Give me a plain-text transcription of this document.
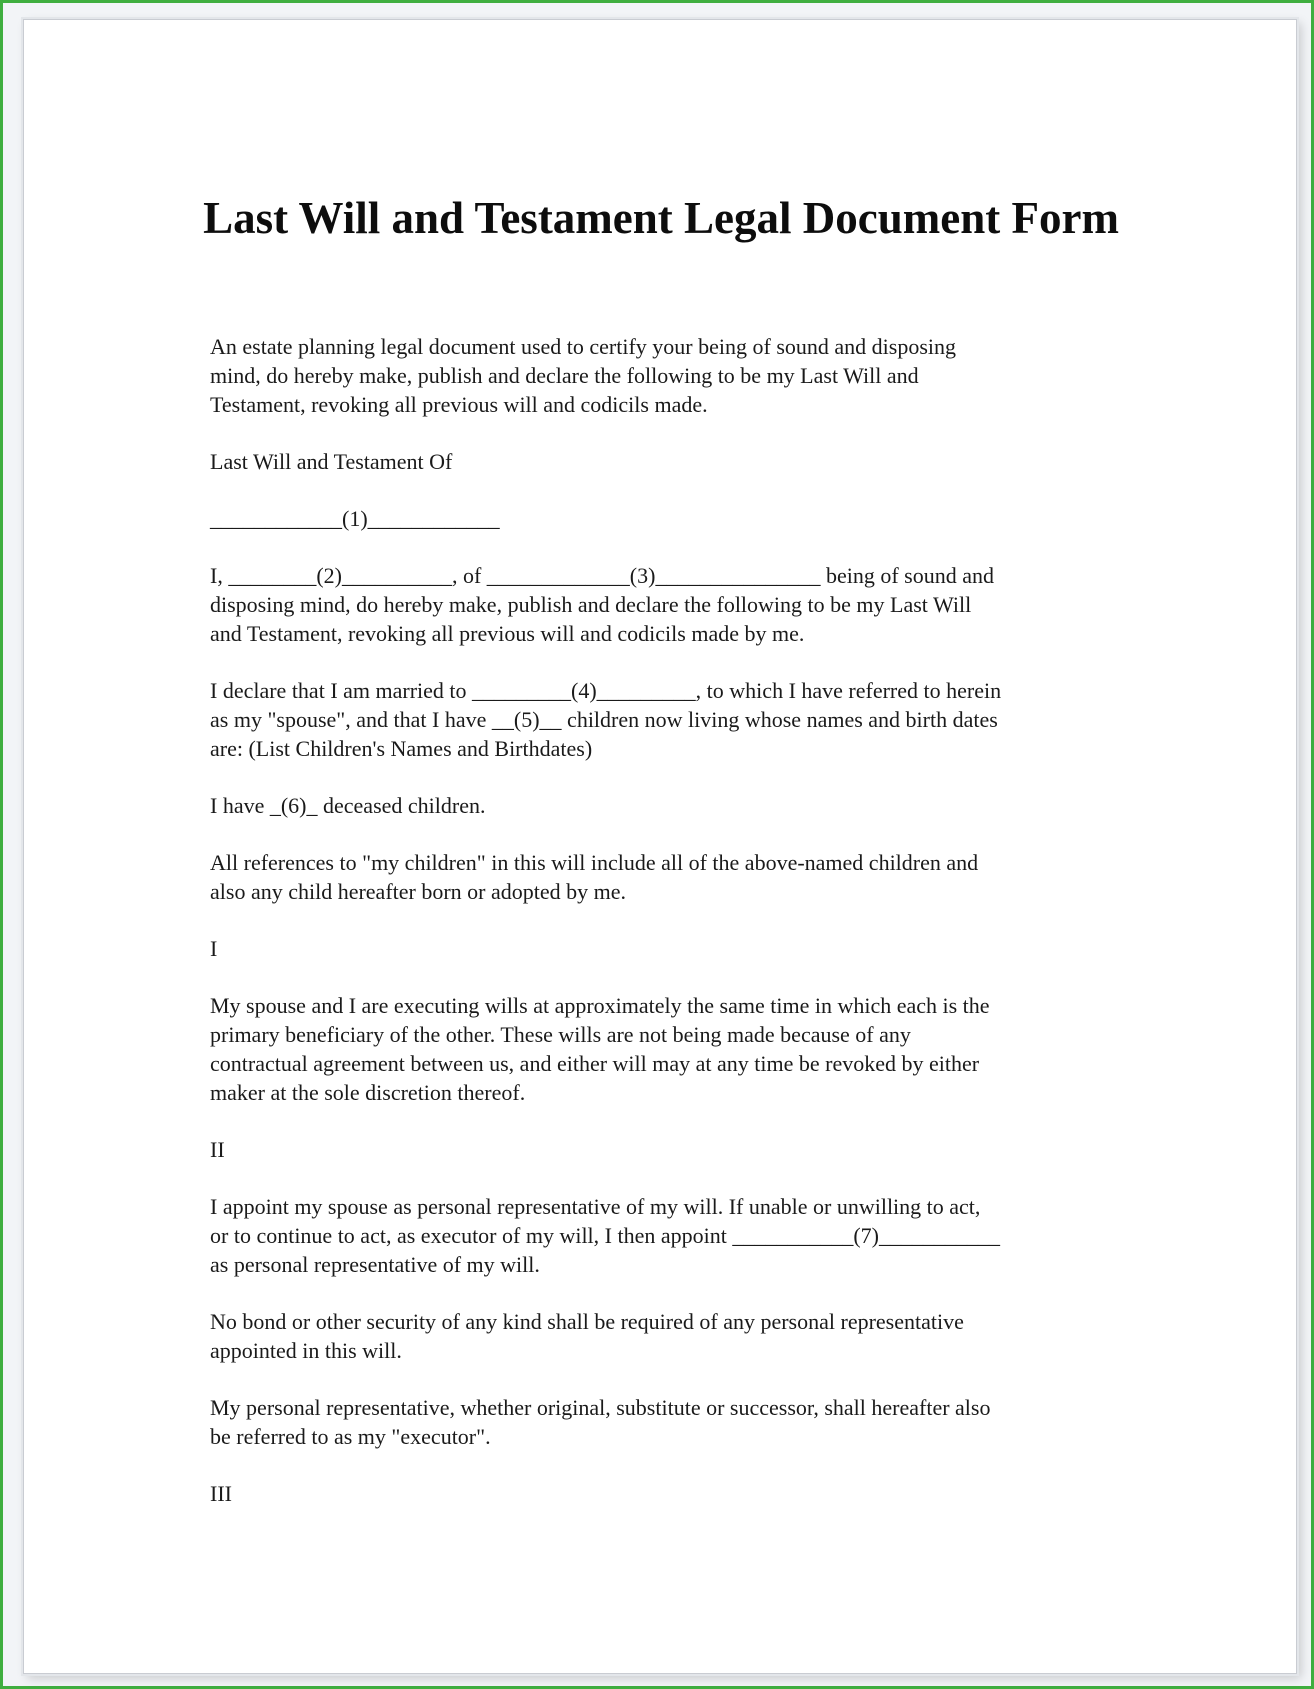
Last Will and Testament Legal Document Form

An estate planning legal document used to certify your being of sound and disposing
mind, do hereby make, publish and declare the following to be my Last Will and
Testament, revoking all previous will and codicils made.

Last Will and Testament Of

____________(1)____________

I, ________(2)__________, of _____________(3)_______________ being of sound and
disposing mind, do hereby make, publish and declare the following to be my Last Will
and Testament, revoking all previous will and codicils made by me.

I declare that I am married to _________(4)_________, to which I have referred to herein
as my "spouse", and that I have __(5)__ children now living whose names and birth dates
are: (List Children's Names and Birthdates)

I have _(6)_ deceased children.

All references to "my children" in this will include all of the above-named children and
also any child hereafter born or adopted by me.

I

My spouse and I are executing wills at approximately the same time in which each is the
primary beneficiary of the other. These wills are not being made because of any
contractual agreement between us, and either will may at any time be revoked by either
maker at the sole discretion thereof.

II

I appoint my spouse as personal representative of my will. If unable or unwilling to act,
or to continue to act, as executor of my will, I then appoint ___________(7)___________
as personal representative of my will.

No bond or other security of any kind shall be required of any personal representative
appointed in this will.

My personal representative, whether original, substitute or successor, shall hereafter also
be referred to as my "executor".

III
